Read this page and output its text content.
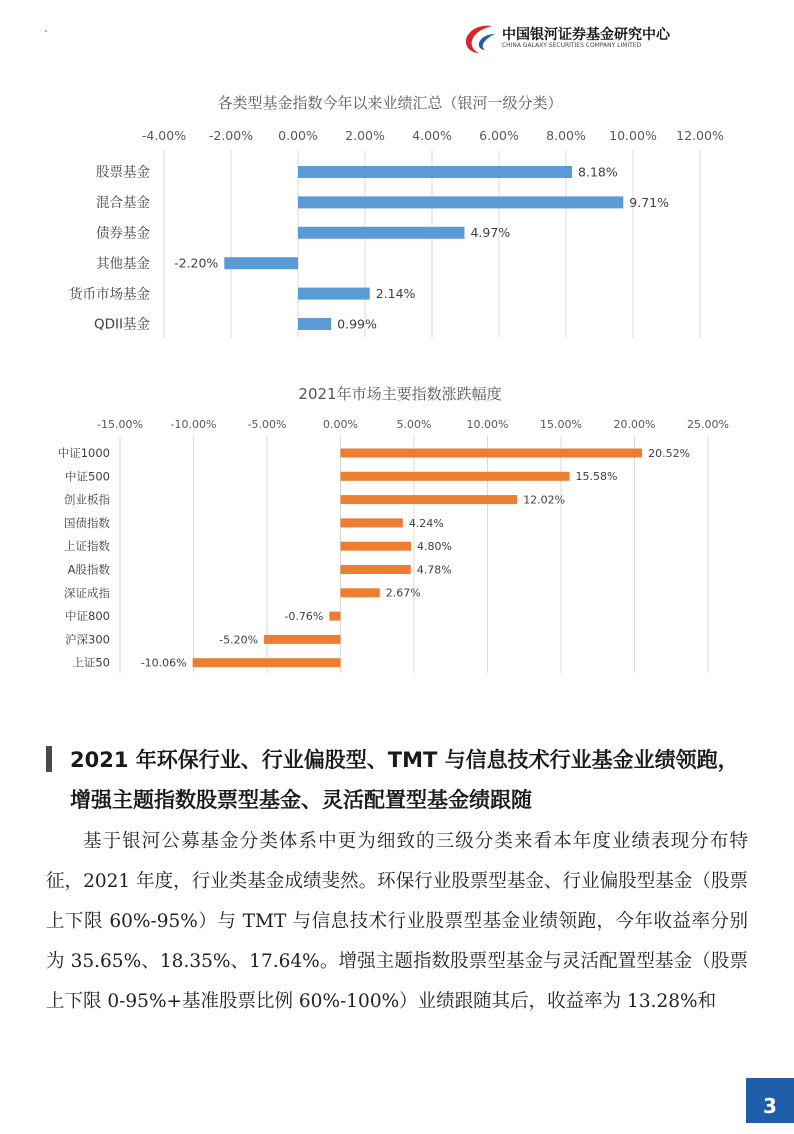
`	中国银河证券基金研究中心
CHINA GALAXY SECURITIES COMPANY LIMITED
各类型基金指数今年以来业绩汇总（银河一级分类）
-4.00% -2.00% 0.00% 2.00% 4.00% 6.00% 8.00% 10.00% 12.00%
股票基金	8.18%
混合基金	9.71%
债券基金	4.97%
其他基金 -2.20%
货币市场基金	2.14%
QDII基金	0.99%
2021年市场主要指数涨跌幅度
-15.00%	-10.00%	-5.00%	0.00%	5.00%	10.00%	15.00%	20.00%	25.00%
中证1000	20.52%
中证500	15.58%
创业板指	12.02%
国债指数	4.24%
上证指数	4.80%
A股指数	4.78%
深证成指	2.67%
中证800	-0.76%
沪深300	-5.20%
上证50	-10.06%
2021 年环保行业、行业偏股型、TMT 与信息技术行业基金业绩领跑，增强主题指数股票型基金、灵活配置型基金绩跟随
基于银河公募基金分类体系中更为细致的三级分类来看本年度业绩表现分布特征，2021 年度，行业类基金成绩斐然。环保行业股票型基金、行业偏股型基金（股票上下限 60%-95%）与 TMT 与信息技术行业股票型基金业绩领跑，今年收益率分别为 35.65%、18.35%、17.64%。增强主题指数股票型基金与灵活配置型基金（股票上下限 0-95%+基准股票比例 60%-100%）业绩跟随其后，收益率为 13.28%和
3
